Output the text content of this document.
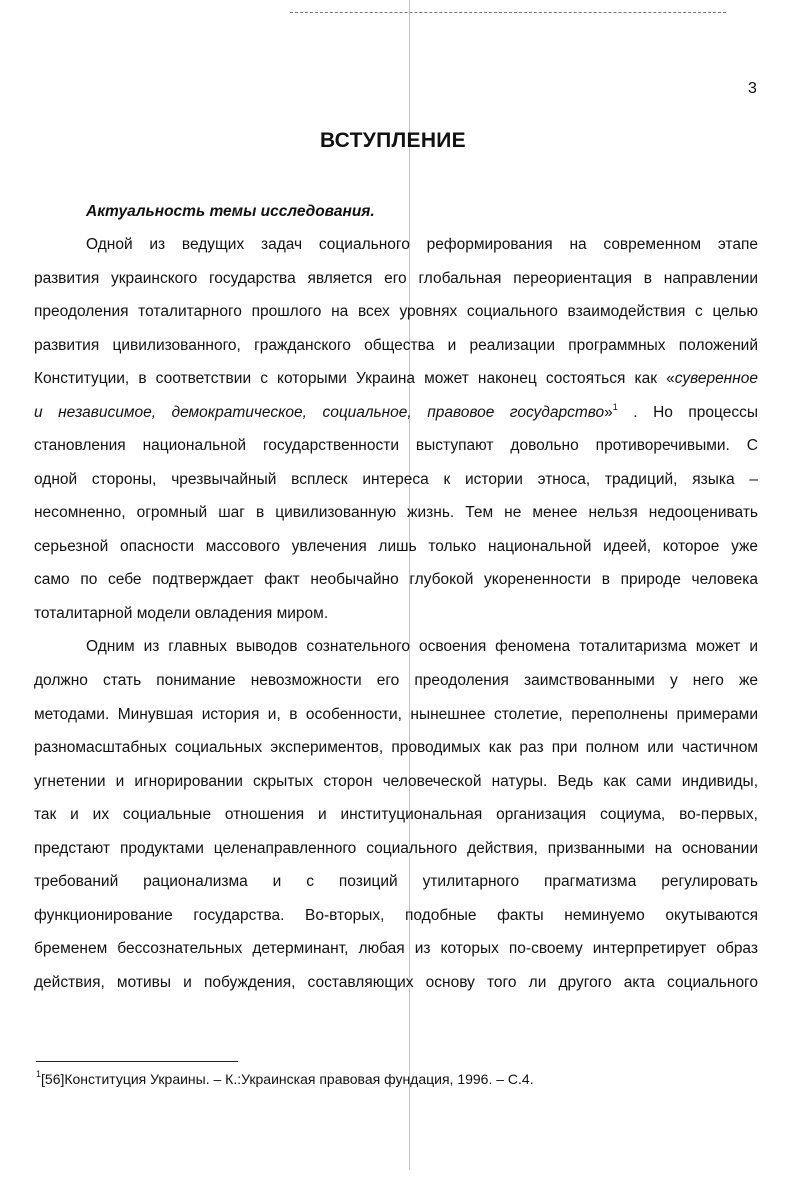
3
ВСТУПЛЕНИЕ
Актуальность темы исследования.
Одной из ведущих задач социального реформирования на современном этапе
развития украинского государства является его глобальная переориентация в направлении
преодоления тоталитарного прошлого на всех уровнях социального взаимодействия с целью
развития цивилизованного, гражданского общества и реализации программных положений
Конституции, в соответствии с которыми Украина может наконец состояться как «суверенное
и независимое, демократическое, социальное, правовое государство»$^1$ . Но процессы
становления национальной государственности выступают довольно противоречивыми. С
одной стороны, чрезвычайный всплеск интереса к истории этноса, традиций, языка –
несомненно, огромный шаг в цивилизованную жизнь. Тем не менее нельзя недооценивать
серьезной опасности массового увлечения лишь только национальной идеей, которое уже
само по себе подтверждает факт необычайно глубокой укорененности в природе человека
тоталитарной модели овладения миром.
Одним из главных выводов сознательного освоения феномена тоталитаризма может и
должно стать понимание невозможности его преодоления заимствованными у него же
методами. Минувшая история и, в особенности, нынешнее столетие, переполнены примерами
разномасштабных социальных экспериментов, проводимых как раз при полном или частичном
угнетении и игнорировании скрытых сторон человеческой натуры. Ведь как сами индивиды,
так и их социальные отношения и институциональная организация социума, во-первых,
предстают продуктами целенаправленного социального действия, призванными на основании
требований рационализма и с позиций утилитарного прагматизма регулировать
функционирование государства. Во-вторых, подобные факты неминуемо окутываются
бременем бессознательных детерминант, любая из которых по-своему интерпретирует образ
действия, мотивы и побуждения, составляющих основу того ли другого акта социального
$^1$[56]Конституция Украины. – К.:Украинская правовая фундация, 1996. – С.4.
